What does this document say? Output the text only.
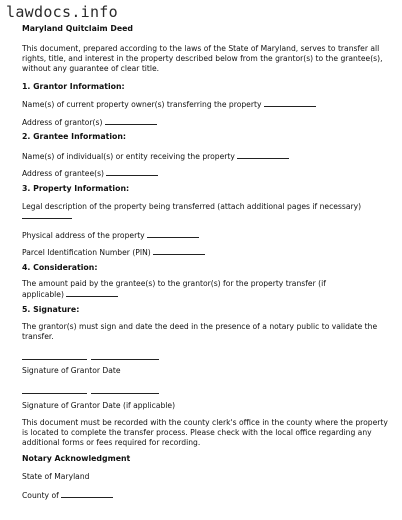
lawdocs.info
Maryland Quitclaim Deed
This document, prepared according to the laws of the State of Maryland, serves to transfer all rights, title, and interest in the property described below from the grantor(s) to the grantee(s), without any guarantee of clear title.
1. Grantor Information:
Name(s) of current property owner(s) transferring the property
Address of grantor(s)
2. Grantee Information:
Name(s) of individual(s) or entity receiving the property
Address of grantee(s)
3. Property Information:
Legal description of the property being transferred (attach additional pages if necessary)
Physical address of the property
Parcel Identification Number (PIN)
4. Consideration:
The amount paid by the grantee(s) to the grantor(s) for the property transfer (if
applicable)
5. Signature:
The grantor(s) must sign and date the deed in the presence of a notary public to validate the transfer.

Signature of Grantor Date

Signature of Grantor Date (if applicable)
This document must be recorded with the county clerk's office in the county where the property is located to complete the transfer process. Please check with the local office regarding any additional forms or fees required for recording.
Notary Acknowledgment
State of Maryland
County of
